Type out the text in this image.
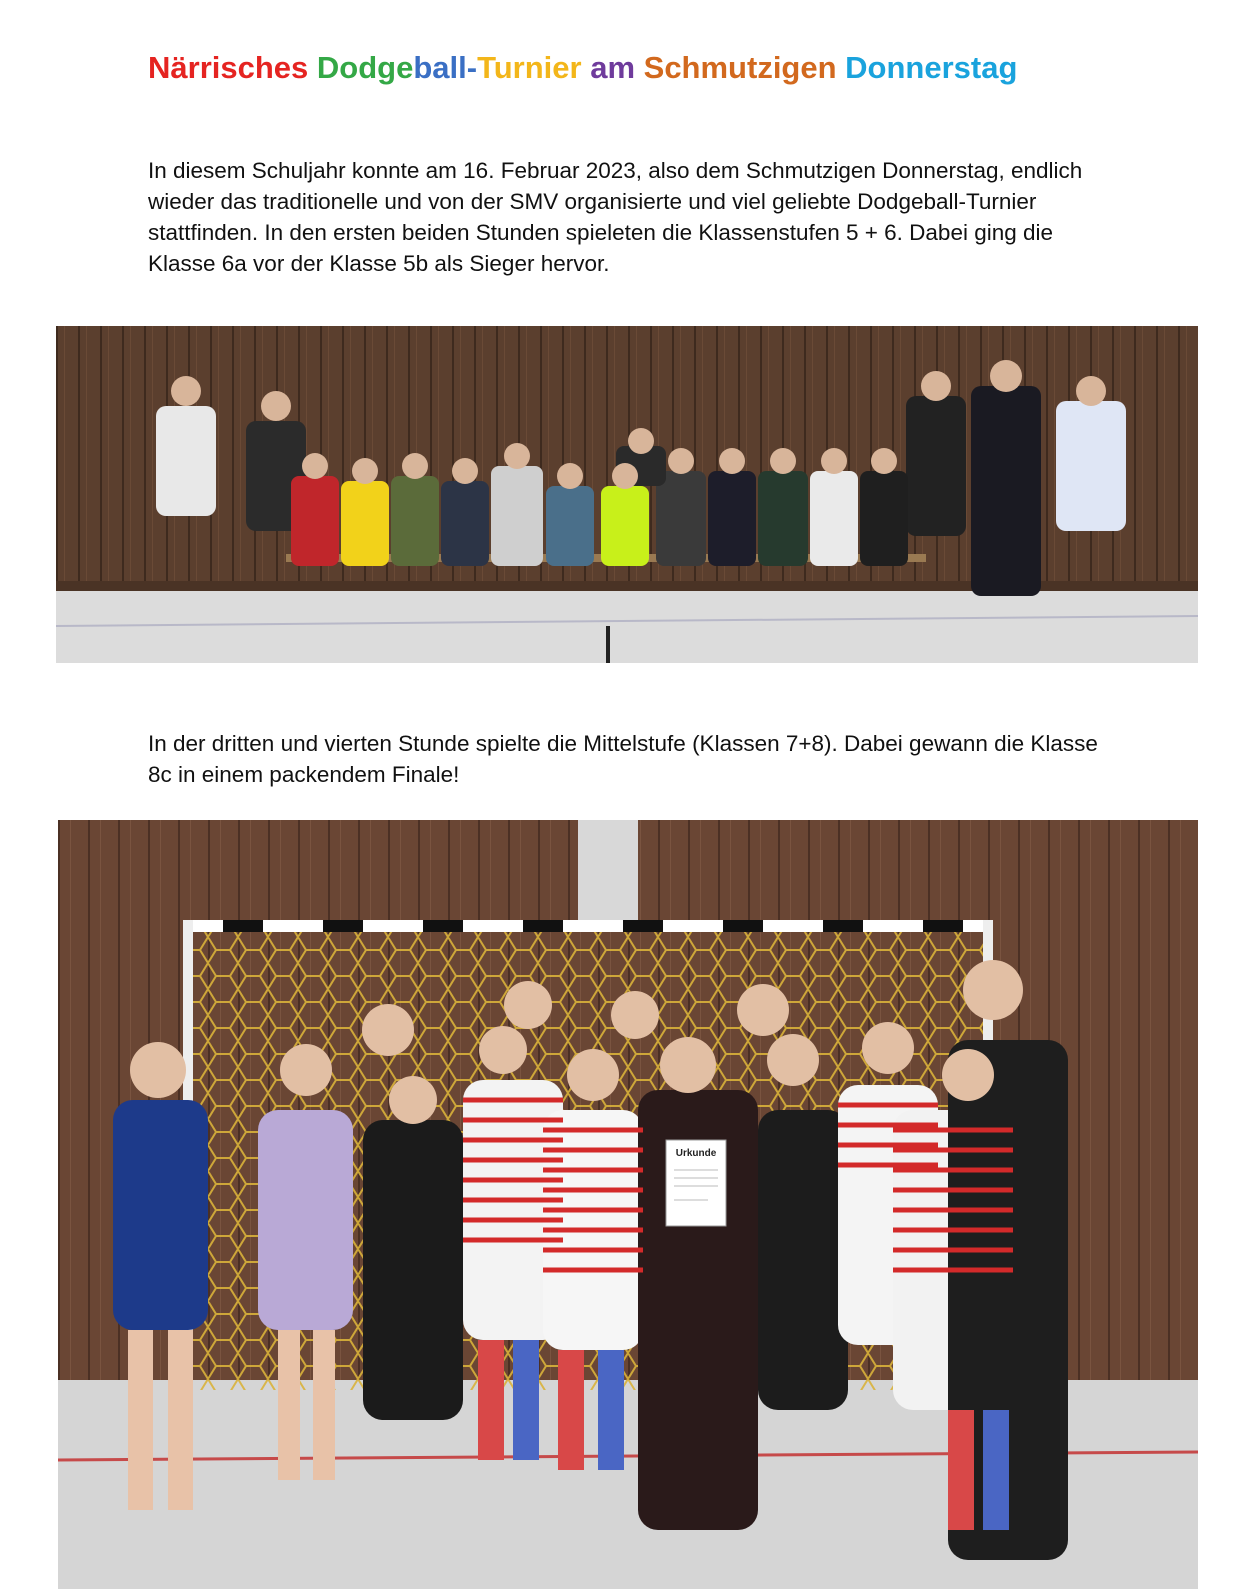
Närrisches Dodgeball-Turnier am Schmutzigen Donnerstag

In diesem Schuljahr konnte am 16. Februar 2023, also dem Schmutzigen Donnerstag, endlich wieder das traditionelle und von der SMV organisierte und viel geliebte Dodgeball-Turnier stattfinden. In den ersten beiden Stunden spieleten die Klassenstufen 5 + 6. Dabei ging die Klasse 6a vor der Klasse 5b als Sieger hervor.

In der dritten und vierten Stunde spielte die Mittelstufe (Klassen 7+8). Dabei gewann die Klasse 8c in einem packendem Finale!

Urkunde
